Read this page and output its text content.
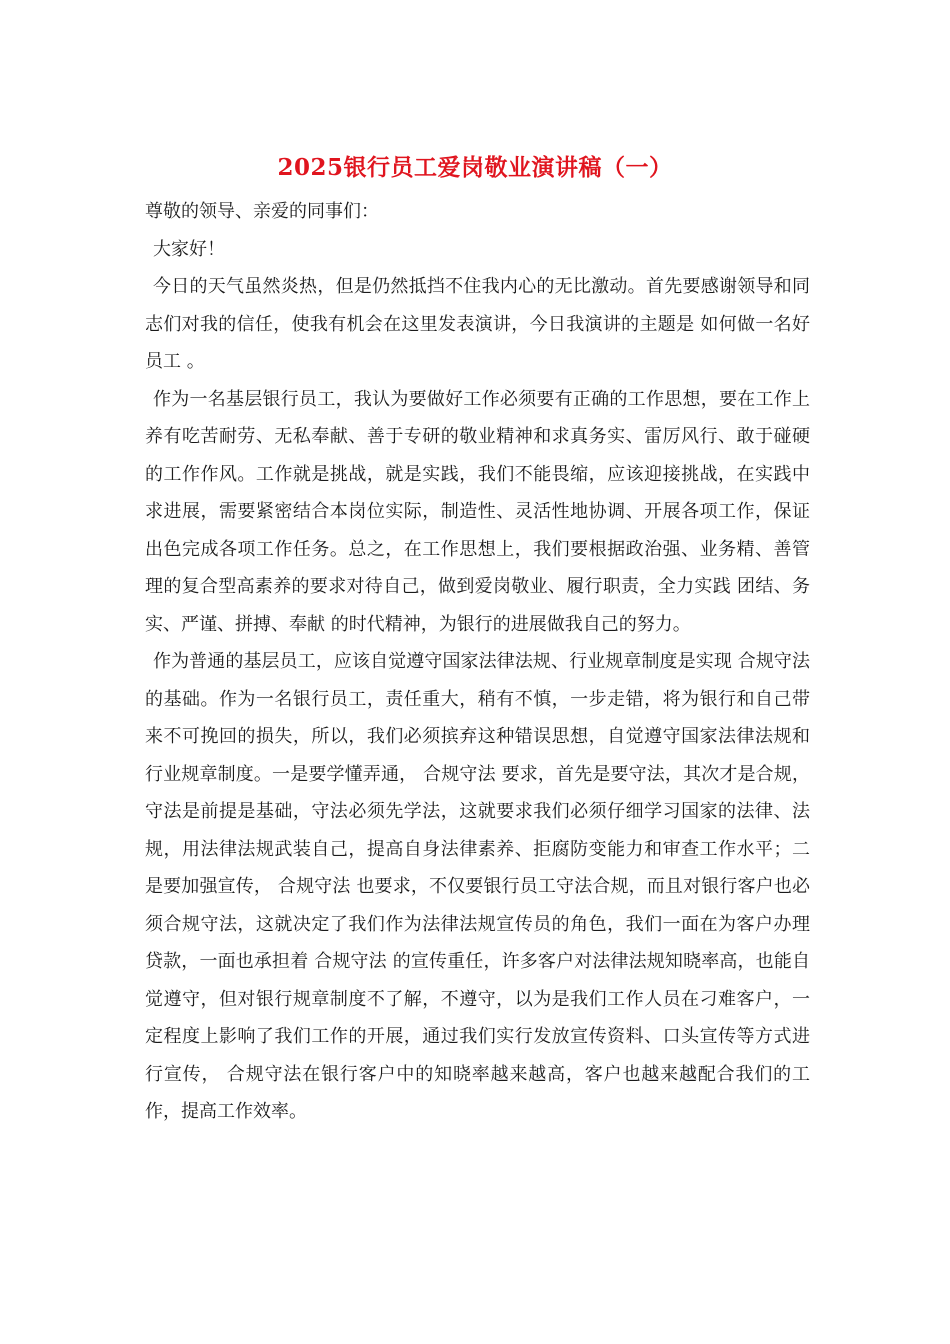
2025银行员工爱岗敬业演讲稿（一）

尊敬的领导、亲爱的同事们：

大家好！

今日的天气虽然炎热，但是仍然抵挡不住我内心的无比激动。首先要感谢领导和同志们对我的信任，使我有机会在这里发表演讲，今日我演讲的主题是 如何做一名好员工 。

作为一名基层银行员工，我认为要做好工作必须要有正确的工作思想，要在工作上养有吃苦耐劳、无私奉献、善于专研的敬业精神和求真务实、雷厉风行、敢于碰硬的工作作风。工作就是挑战，就是实践，我们不能畏缩，应该迎接挑战，在实践中求进展，需要紧密结合本岗位实际，制造性、灵活性地协调、开展各项工作，保证出色完成各项工作任务。总之，在工作思想上，我们要根据政治强、业务精、善管理的复合型高素养的要求对待自己，做到爱岗敬业、履行职责，全力实践 团结、务实、严谨、拼搏、奉献 的时代精神，为银行的进展做我自己的努力。

作为普通的基层员工，应该自觉遵守国家法律法规、行业规章制度是实现 合规守法 的基础。作为一名银行员工，责任重大，稍有不慎，一步走错，将为银行和自己带来不可挽回的损失，所以，我们必须摈弃这种错误思想，自觉遵守国家法律法规和行业规章制度。一是要学懂弄通， 合规守法 要求，首先是要守法，其次才是合规，守法是前提是基础，守法必须先学法，这就要求我们必须仔细学习国家的法律、法规，用法律法规武装自己，提高自身法律素养、拒腐防变能力和审查工作水平；二是要加强宣传， 合规守法 也要求，不仅要银行员工守法合规，而且对银行客户也必须合规守法，这就决定了我们作为法律法规宣传员的角色，我们一面在为客户办理贷款，一面也承担着 合规守法 的宣传重任，许多客户对法律法规知晓率高，也能自觉遵守，但对银行规章制度不了解，不遵守，以为是我们工作人员在刁难客户，一定程度上影响了我们工作的开展，通过我们实行发放宣传资料、口头宣传等方式进行宣传， 合规守法在银行客户中的知晓率越来越高，客户也越来越配合我们的工作，提高工作效率。
